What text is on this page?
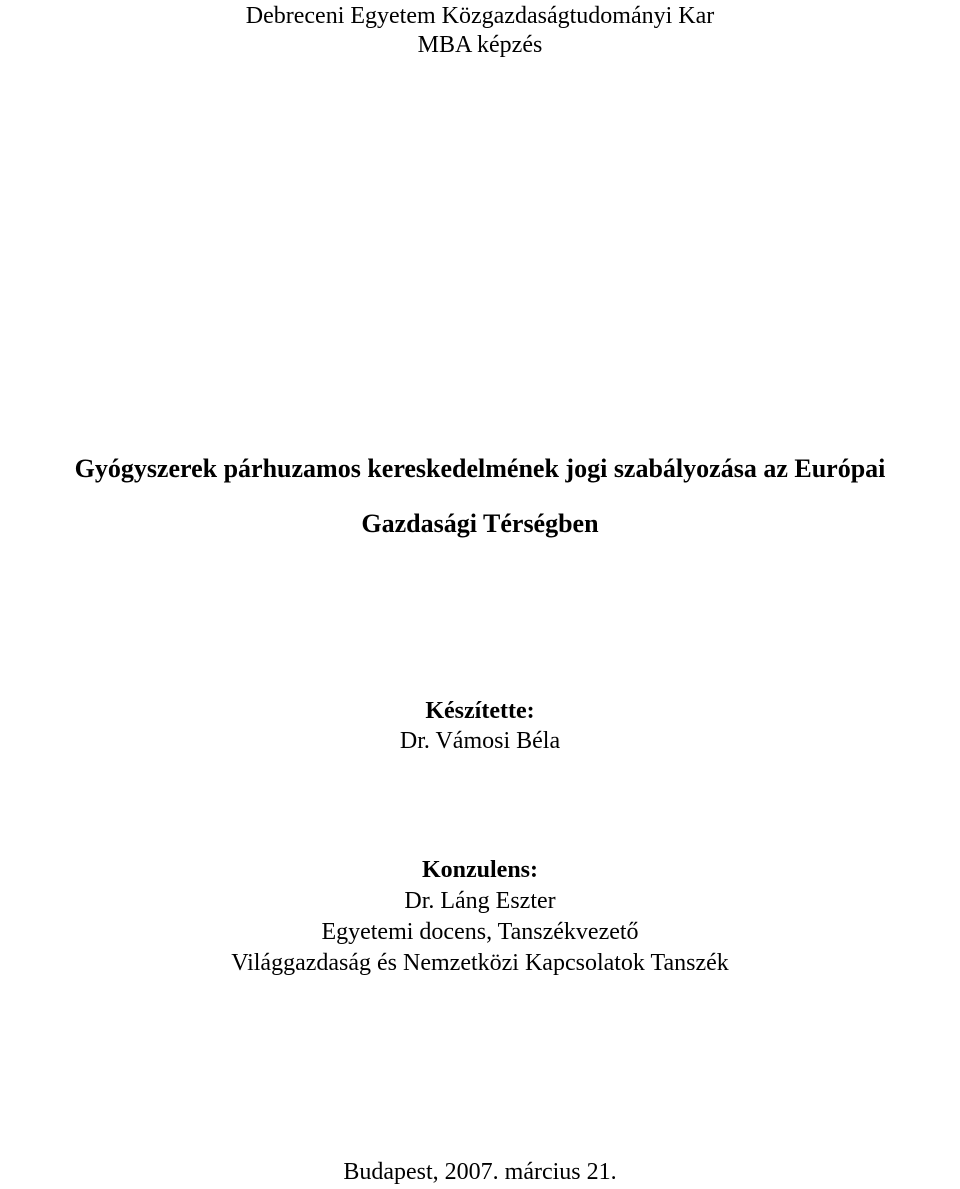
Debreceni Egyetem Közgazdaságtudományi Kar
MBA képzés
Gyógyszerek párhuzamos kereskedelmének jogi szabályozása az Európai
Gazdasági Térségben
Készítette:
Dr. Vámosi Béla
Konzulens:
Dr. Láng Eszter
Egyetemi docens, Tanszékvezető
Világgazdaság és Nemzetközi Kapcsolatok Tanszék
Budapest, 2007. március 21.
